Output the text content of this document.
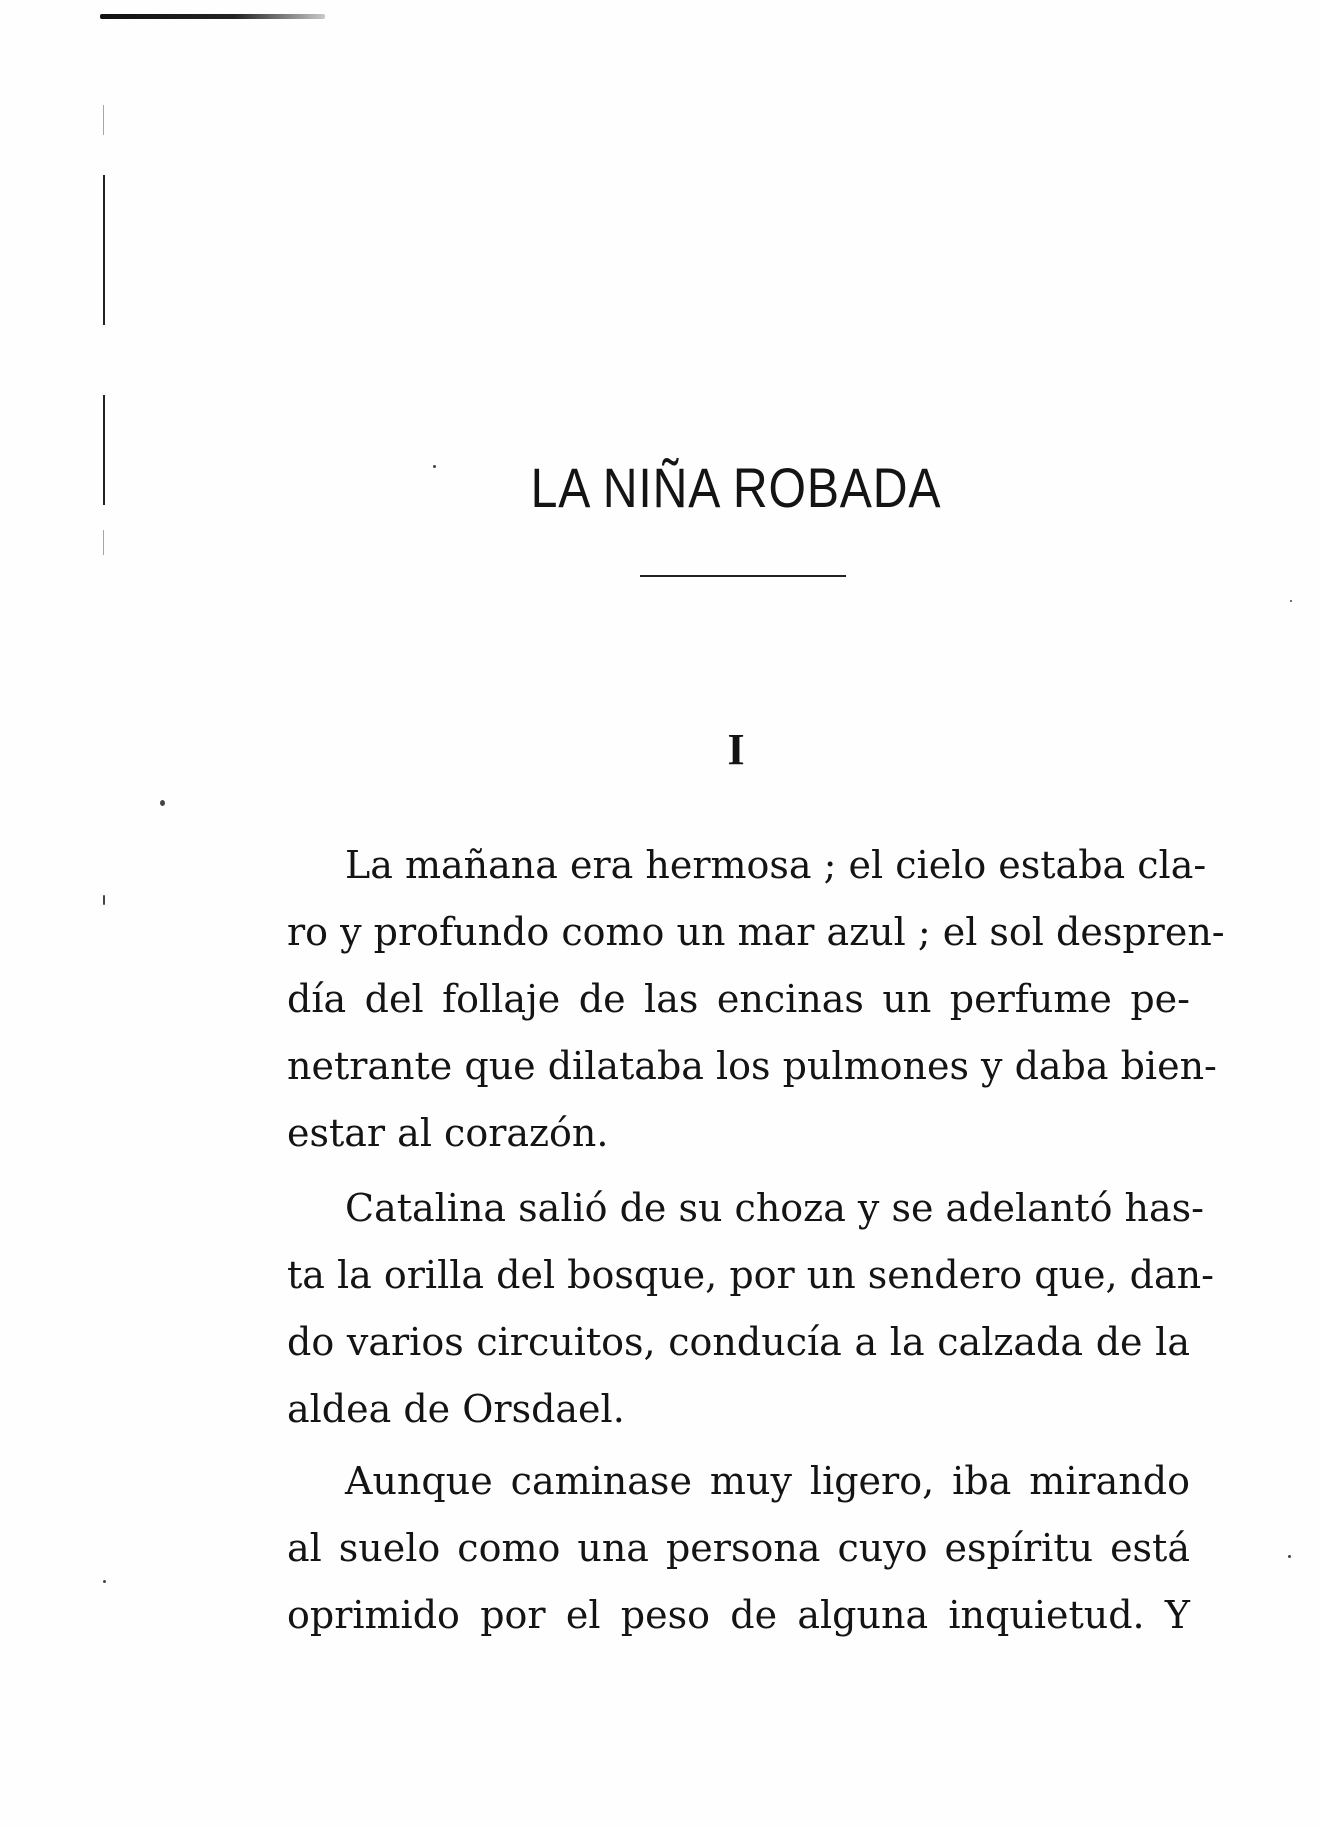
LA NIÑA ROBADA
I
La mañana era hermosa ; el cielo estaba cla-
ro y profundo como un mar azul ; el sol despren-
día del follaje de las encinas un perfume pe-
netrante que dilataba los pulmones y daba bien-
estar al corazón.
Catalina salió de su choza y se adelantó has-
ta la orilla del bosque, por un sendero que, dan-
do varios circuitos, conducía a la calzada de la
aldea de Orsdael.
Aunque caminase muy ligero, iba mirando
al suelo como una persona cuyo espíritu está
oprimido por el peso de alguna inquietud. Y
